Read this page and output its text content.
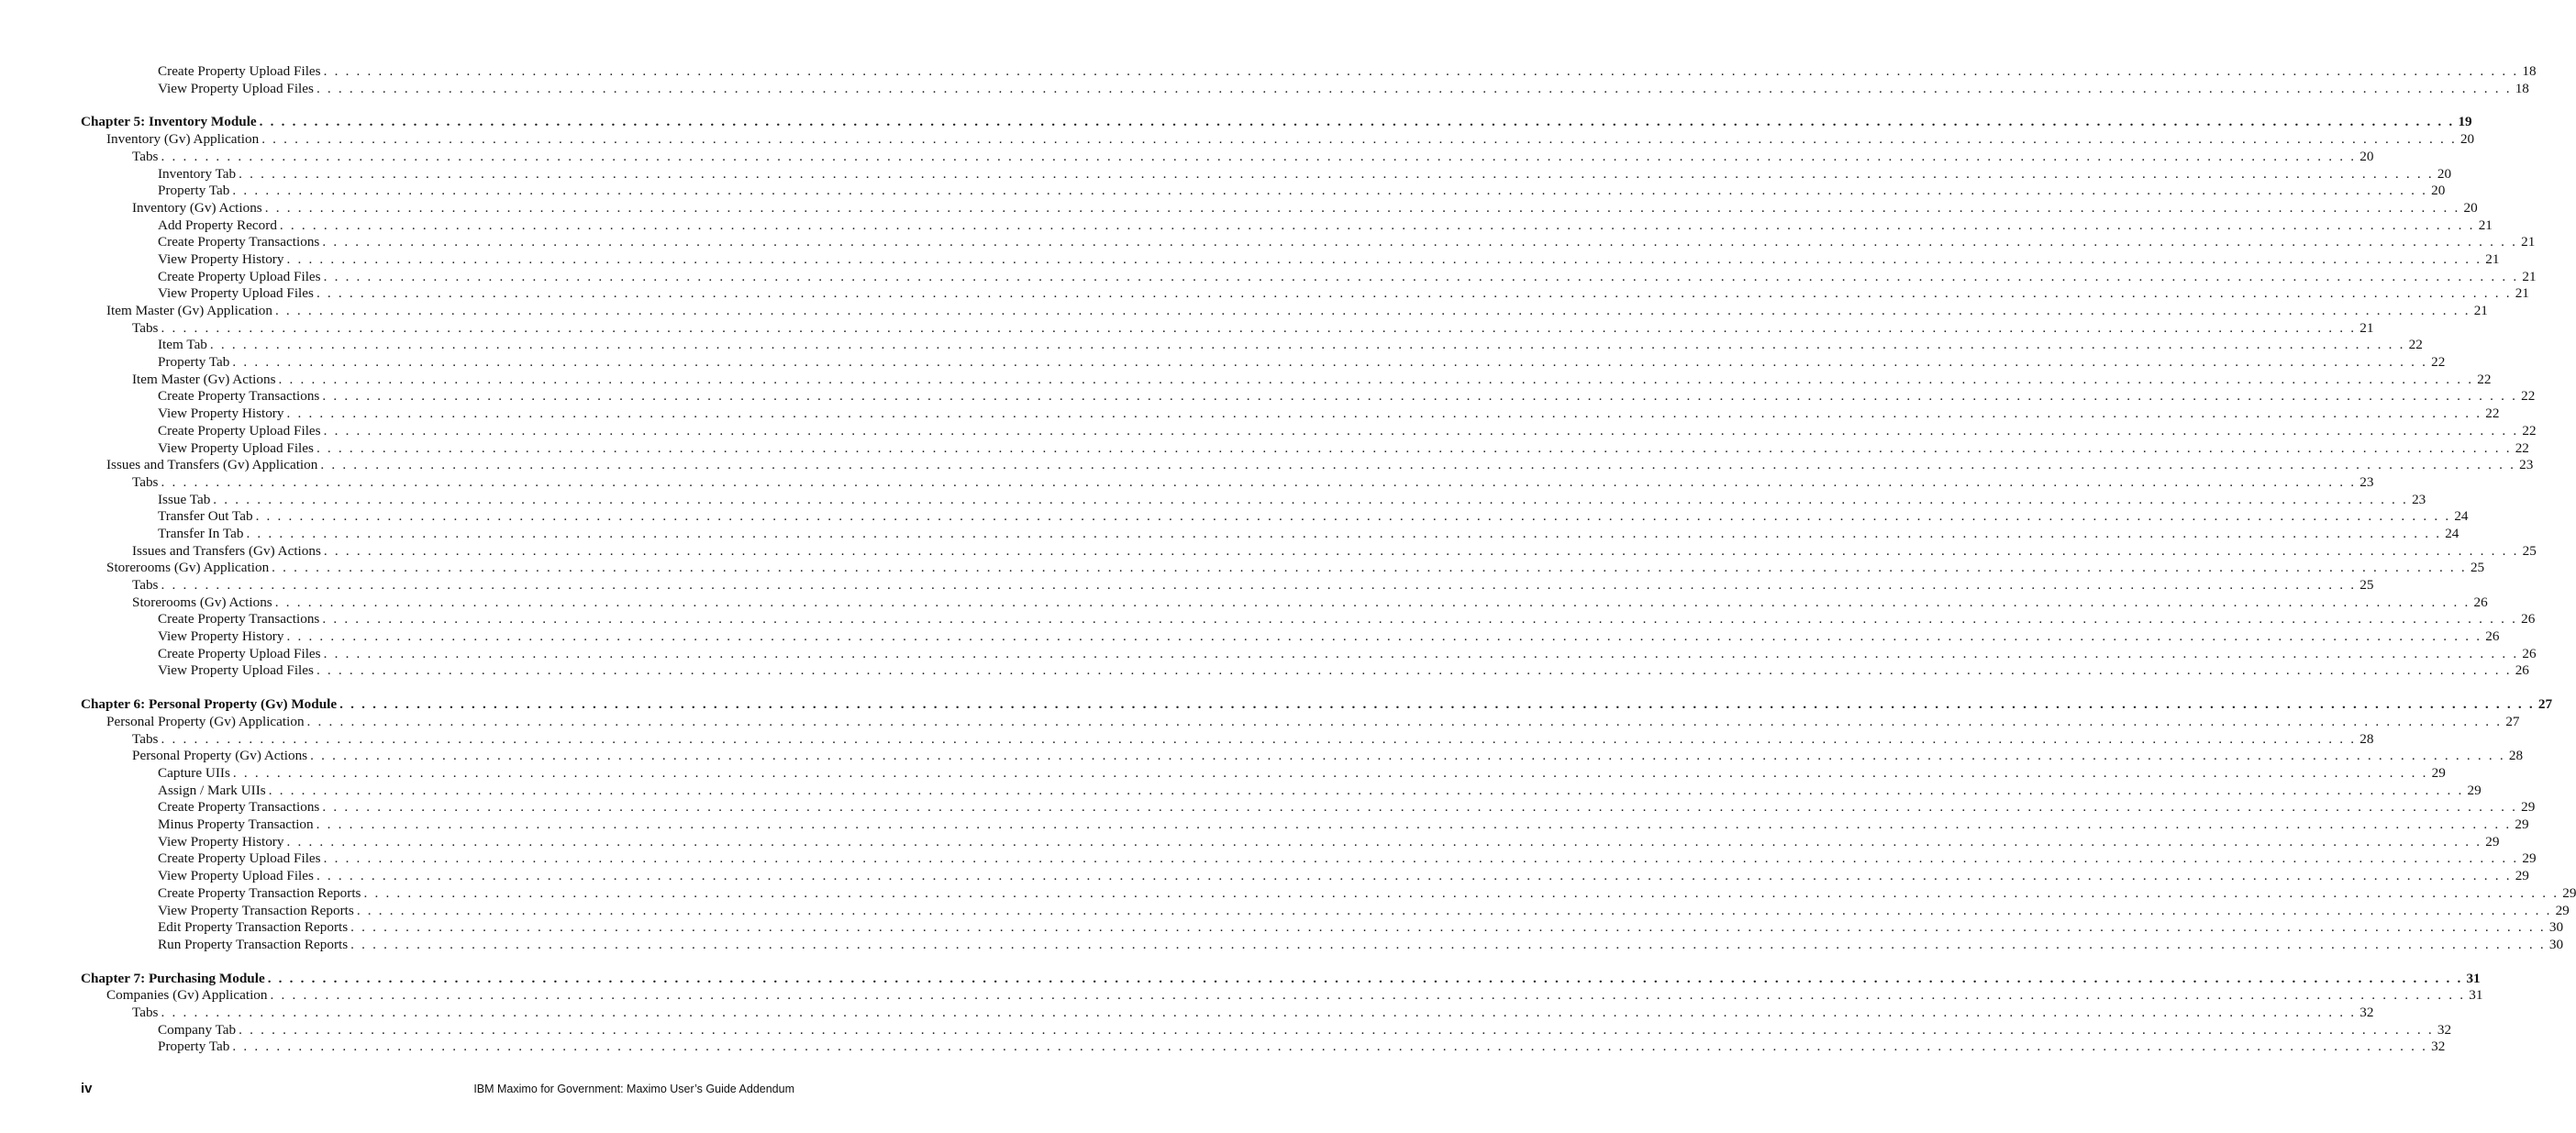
Create Property Upload Files . . . . . . . . . . . . . . . . . . . . . . . . . . . . . . . . . . . . . . . . . . . . . . . . . . . . . . . . . . . . . . . . . . . . . . . . . . . . . . . . . . . . . . . . . . . . . . . . . . . . . . . . . . . . . . . . . . . . . . . . . . . . . . . . . . . . . . . . . . . . . . . . . . . . . . . . . . . . . . . . . . . . . . . . . . . . . . . . . . . . . . . . . . . . . . . . . . . . . . . . 18
View Property Upload Files . . . . . . . . . . . . . . . . . . . . . . . . . . . . . . . . . . . . . . . . . . . . . . . . . . . . . . . . . . . . . . . . . . . . . . . . . . . . . . . . . . . . . . . . . . . . . . . . . . . . . . . . . . . . . . . . . . . . . . . . . . . . . . . . . . . . . . . . . . . . . . . . . . . . . . . . . . . . . . . . . . . . . . . . . . . . . . . . . . . . . . . . . . . . . . . . . . . . . . . . 18
Chapter 5: Inventory Module . . . . . . . . . . . . . . . . . . . . . . . . . . . . . . . . . . . . . . . . . . . . . . . . . . . . . . . . . . . . . . . . . . . . . . . . . . . . . . . . . . . . . . . . . . . . . . . . . . . . . . . . . . . . . . . . . . . . . . . . . . . . . . . . . . . . . . . . . . . . . . . . . . . . . . . . . . . . . . . . . . . . . . . . . . . . . . . . . . . . . . . . . . . . . . . . . . . . . . . . 19
Inventory (Gv) Application . . . . . . . . . . . . . . . . . . . . . . . . . . . . . . . . . . . . . . . . . . . . . . . . . . . . . . . . . . . . . . . . . . . . . . . . . . . . . . . . . . . . . . . . . . . . . . . . . . . . . . . . . . . . . . . . . . . . . . . . . . . . . . . . . . . . . . . . . . . . . . . . . . . . . . . . . . . . . . . . . . . . . . . . . . . . . . . . . . . . . . . . . . . . . . . . . . . . . . . . 20
Tabs . . . . . . . . . . . . . . . . . . . . . . . . . . . . . . . . . . . . . . . . . . . . . . . . . . . . . . . . . . . . . . . . . . . . . . . . . . . . . . . . . . . . . . . . . . . . . . . . . . . . . . . . . . . . . . . . . . . . . . . . . . . . . . . . . . . . . . . . . . . . . . . . . . . . . . . . . . . . . . . . . . . . . . . . . . . . . . . . . . . . . . . . . . . . . . . . . . . . . . . . 20
Inventory Tab . . . . . . . . . . . . . . . . . . . . . . . . . . . . . . . . . . . . . . . . . . . . . . . . . . . . . . . . . . . . . . . . . . . . . . . . . . . . . . . . . . . . . . . . . . . . . . . . . . . . . . . . . . . . . . . . . . . . . . . . . . . . . . . . . . . . . . . . . . . . . . . . . . . . . . . . . . . . . . . . . . . . . . . . . . . . . . . . . . . . . . . . . . . . . . . . . . . . . . . . 20
Property Tab . . . . . . . . . . . . . . . . . . . . . . . . . . . . . . . . . . . . . . . . . . . . . . . . . . . . . . . . . . . . . . . . . . . . . . . . . . . . . . . . . . . . . . . . . . . . . . . . . . . . . . . . . . . . . . . . . . . . . . . . . . . . . . . . . . . . . . . . . . . . . . . . . . . . . . . . . . . . . . . . . . . . . . . . . . . . . . . . . . . . . . . . . . . . . . . . . . . . . . . . 20
Inventory (Gv) Actions . . . . . . . . . . . . . . . . . . . . . . . . . . . . . . . . . . . . . . . . . . . . . . . . . . . . . . . . . . . . . . . . . . . . . . . . . . . . . . . . . . . . . . . . . . . . . . . . . . . . . . . . . . . . . . . . . . . . . . . . . . . . . . . . . . . . . . . . . . . . . . . . . . . . . . . . . . . . . . . . . . . . . . . . . . . . . . . . . . . . . . . . . . . . . . . . . . . . . . . . 20
Add Property Record . . . . . . . . . . . . . . . . . . . . . . . . . . . . . . . . . . . . . . . . . . . . . . . . . . . . . . . . . . . . . . . . . . . . . . . . . . . . . . . . . . . . . . . . . . . . . . . . . . . . . . . . . . . . . . . . . . . . . . . . . . . . . . . . . . . . . . . . . . . . . . . . . . . . . . . . . . . . . . . . . . . . . . . . . . . . . . . . . . . . . . . . . . . . . . . . . . . . . . . . 21
Create Property Transactions . . . . . . . . . . . . . . . . . . . . . . . . . . . . . . . . . . . . . . . . . . . . . . . . . . . . . . . . . . . . . . . . . . . . . . . . . . . . . . . . . . . . . . . . . . . . . . . . . . . . . . . . . . . . . . . . . . . . . . . . . . . . . . . . . . . . . . . . . . . . . . . . . . . . . . . . . . . . . . . . . . . . . . . . . . . . . . . . . . . . . . . . . . . . . . . . . . . . . . . . 21
View Property History . . . . . . . . . . . . . . . . . . . . . . . . . . . . . . . . . . . . . . . . . . . . . . . . . . . . . . . . . . . . . . . . . . . . . . . . . . . . . . . . . . . . . . . . . . . . . . . . . . . . . . . . . . . . . . . . . . . . . . . . . . . . . . . . . . . . . . . . . . . . . . . . . . . . . . . . . . . . . . . . . . . . . . . . . . . . . . . . . . . . . . . . . . . . . . . . . . . . . . . . 21
Create Property Upload Files . . . . . . . . . . . . . . . . . . . . . . . . . . . . . . . . . . . . . . . . . . . . . . . . . . . . . . . . . . . . . . . . . . . . . . . . . . . . . . . . . . . . . . . . . . . . . . . . . . . . . . . . . . . . . . . . . . . . . . . . . . . . . . . . . . . . . . . . . . . . . . . . . . . . . . . . . . . . . . . . . . . . . . . . . . . . . . . . . . . . . . . . . . . . . . . . . . . . . . . . 21
View Property Upload Files . . . . . . . . . . . . . . . . . . . . . . . . . . . . . . . . . . . . . . . . . . . . . . . . . . . . . . . . . . . . . . . . . . . . . . . . . . . . . . . . . . . . . . . . . . . . . . . . . . . . . . . . . . . . . . . . . . . . . . . . . . . . . . . . . . . . . . . . . . . . . . . . . . . . . . . . . . . . . . . . . . . . . . . . . . . . . . . . . . . . . . . . . . . . . . . . . . . . . . . . 21
Item Master (Gv) Application . . . . . . . . . . . . . . . . . . . . . . . . . . . . . . . . . . . . . . . . . . . . . . . . . . . . . . . . . . . . . . . . . . . . . . . . . . . . . . . . . . . . . . . . . . . . . . . . . . . . . . . . . . . . . . . . . . . . . . . . . . . . . . . . . . . . . . . . . . . . . . . . . . . . . . . . . . . . . . . . . . . . . . . . . . . . . . . . . . . . . . . . . . . . . . . . . . . . . . . . 21
Tabs . . . . . . . . . . . . . . . . . . . . . . . . . . . . . . . . . . . . . . . . . . . . . . . . . . . . . . . . . . . . . . . . . . . . . . . . . . . . . . . . . . . . . . . . . . . . . . . . . . . . . . . . . . . . . . . . . . . . . . . . . . . . . . . . . . . . . . . . . . . . . . . . . . . . . . . . . . . . . . . . . . . . . . . . . . . . . . . . . . . . . . . . . . . . . . . . . . . . . . . . 21
Item Tab . . . . . . . . . . . . . . . . . . . . . . . . . . . . . . . . . . . . . . . . . . . . . . . . . . . . . . . . . . . . . . . . . . . . . . . . . . . . . . . . . . . . . . . . . . . . . . . . . . . . . . . . . . . . . . . . . . . . . . . . . . . . . . . . . . . . . . . . . . . . . . . . . . . . . . . . . . . . . . . . . . . . . . . . . . . . . . . . . . . . . . . . . . . . . . . . . . . . . . . . 22
Property Tab . . . . . . . . . . . . . . . . . . . . . . . . . . . . . . . . . . . . . . . . . . . . . . . . . . . . . . . . . . . . . . . . . . . . . . . . . . . . . . . . . . . . . . . . . . . . . . . . . . . . . . . . . . . . . . . . . . . . . . . . . . . . . . . . . . . . . . . . . . . . . . . . . . . . . . . . . . . . . . . . . . . . . . . . . . . . . . . . . . . . . . . . . . . . . . . . . . . . . . . . 22
Item Master (Gv) Actions . . . . . . . . . . . . . . . . . . . . . . . . . . . . . . . . . . . . . . . . . . . . . . . . . . . . . . . . . . . . . . . . . . . . . . . . . . . . . . . . . . . . . . . . . . . . . . . . . . . . . . . . . . . . . . . . . . . . . . . . . . . . . . . . . . . . . . . . . . . . . . . . . . . . . . . . . . . . . . . . . . . . . . . . . . . . . . . . . . . . . . . . . . . . . . . . . . . . . . . . 22
Create Property Transactions . . . . . . . . . . . . . . . . . . . . . . . . . . . . . . . . . . . . . . . . . . . . . . . . . . . . . . . . . . . . . . . . . . . . . . . . . . . . . . . . . . . . . . . . . . . . . . . . . . . . . . . . . . . . . . . . . . . . . . . . . . . . . . . . . . . . . . . . . . . . . . . . . . . . . . . . . . . . . . . . . . . . . . . . . . . . . . . . . . . . . . . . . . . . . . . . . . . . . . . . 22
View Property History . . . . . . . . . . . . . . . . . . . . . . . . . . . . . . . . . . . . . . . . . . . . . . . . . . . . . . . . . . . . . . . . . . . . . . . . . . . . . . . . . . . . . . . . . . . . . . . . . . . . . . . . . . . . . . . . . . . . . . . . . . . . . . . . . . . . . . . . . . . . . . . . . . . . . . . . . . . . . . . . . . . . . . . . . . . . . . . . . . . . . . . . . . . . . . . . . . . . . . . . 22
Create Property Upload Files . . . . . . . . . . . . . . . . . . . . . . . . . . . . . . . . . . . . . . . . . . . . . . . . . . . . . . . . . . . . . . . . . . . . . . . . . . . . . . . . . . . . . . . . . . . . . . . . . . . . . . . . . . . . . . . . . . . . . . . . . . . . . . . . . . . . . . . . . . . . . . . . . . . . . . . . . . . . . . . . . . . . . . . . . . . . . . . . . . . . . . . . . . . . . . . . . . . . . . . . 22
View Property Upload Files . . . . . . . . . . . . . . . . . . . . . . . . . . . . . . . . . . . . . . . . . . . . . . . . . . . . . . . . . . . . . . . . . . . . . . . . . . . . . . . . . . . . . . . . . . . . . . . . . . . . . . . . . . . . . . . . . . . . . . . . . . . . . . . . . . . . . . . . . . . . . . . . . . . . . . . . . . . . . . . . . . . . . . . . . . . . . . . . . . . . . . . . . . . . . . . . . . . . . . . . 22
Issues and Transfers (Gv) Application . . . . . . . . . . . . . . . . . . . . . . . . . . . . . . . . . . . . . . . . . . . . . . . . . . . . . . . . . . . . . . . . . . . . . . . . . . . . . . . . . . . . . . . . . . . . . . . . . . . . . . . . . . . . . . . . . . . . . . . . . . . . . . . . . . . . . . . . . . . . . . . . . . . . . . . . . . . . . . . . . . . . . . . . . . . . . . . . . . . . . . . . . . . . . . . . . . . . . . . . 23
Tabs . . . . . . . . . . . . . . . . . . . . . . . . . . . . . . . . . . . . . . . . . . . . . . . . . . . . . . . . . . . . . . . . . . . . . . . . . . . . . . . . . . . . . . . . . . . . . . . . . . . . . . . . . . . . . . . . . . . . . . . . . . . . . . . . . . . . . . . . . . . . . . . . . . . . . . . . . . . . . . . . . . . . . . . . . . . . . . . . . . . . . . . . . . . . . . . . . . . . . . . . 23
Issue Tab . . . . . . . . . . . . . . . . . . . . . . . . . . . . . . . . . . . . . . . . . . . . . . . . . . . . . . . . . . . . . . . . . . . . . . . . . . . . . . . . . . . . . . . . . . . . . . . . . . . . . . . . . . . . . . . . . . . . . . . . . . . . . . . . . . . . . . . . . . . . . . . . . . . . . . . . . . . . . . . . . . . . . . . . . . . . . . . . . . . . . . . . . . . . . . . . . . . . . . . . 23
Transfer Out Tab . . . . . . . . . . . . . . . . . . . . . . . . . . . . . . . . . . . . . . . . . . . . . . . . . . . . . . . . . . . . . . . . . . . . . . . . . . . . . . . . . . . . . . . . . . . . . . . . . . . . . . . . . . . . . . . . . . . . . . . . . . . . . . . . . . . . . . . . . . . . . . . . . . . . . . . . . . . . . . . . . . . . . . . . . . . . . . . . . . . . . . . . . . . . . . . . . . . . . . . . 24
Transfer In Tab . . . . . . . . . . . . . . . . . . . . . . . . . . . . . . . . . . . . . . . . . . . . . . . . . . . . . . . . . . . . . . . . . . . . . . . . . . . . . . . . . . . . . . . . . . . . . . . . . . . . . . . . . . . . . . . . . . . . . . . . . . . . . . . . . . . . . . . . . . . . . . . . . . . . . . . . . . . . . . . . . . . . . . . . . . . . . . . . . . . . . . . . . . . . . . . . . . . . . . . . 24
Issues and Transfers (Gv) Actions . . . . . . . . . . . . . . . . . . . . . . . . . . . . . . . . . . . . . . . . . . . . . . . . . . . . . . . . . . . . . . . . . . . . . . . . . . . . . . . . . . . . . . . . . . . . . . . . . . . . . . . . . . . . . . . . . . . . . . . . . . . . . . . . . . . . . . . . . . . . . . . . . . . . . . . . . . . . . . . . . . . . . . . . . . . . . . . . . . . . . . . . . . . . . . . . . . . . . . . . 25
Storerooms (Gv) Application . . . . . . . . . . . . . . . . . . . . . . . . . . . . . . . . . . . . . . . . . . . . . . . . . . . . . . . . . . . . . . . . . . . . . . . . . . . . . . . . . . . . . . . . . . . . . . . . . . . . . . . . . . . . . . . . . . . . . . . . . . . . . . . . . . . . . . . . . . . . . . . . . . . . . . . . . . . . . . . . . . . . . . . . . . . . . . . . . . . . . . . . . . . . . . . . . . . . . . . . 25
Tabs . . . . . . . . . . . . . . . . . . . . . . . . . . . . . . . . . . . . . . . . . . . . . . . . . . . . . . . . . . . . . . . . . . . . . . . . . . . . . . . . . . . . . . . . . . . . . . . . . . . . . . . . . . . . . . . . . . . . . . . . . . . . . . . . . . . . . . . . . . . . . . . . . . . . . . . . . . . . . . . . . . . . . . . . . . . . . . . . . . . . . . . . . . . . . . . . . . . . . . . . 25
Storerooms (Gv) Actions . . . . . . . . . . . . . . . . . . . . . . . . . . . . . . . . . . . . . . . . . . . . . . . . . . . . . . . . . . . . . . . . . . . . . . . . . . . . . . . . . . . . . . . . . . . . . . . . . . . . . . . . . . . . . . . . . . . . . . . . . . . . . . . . . . . . . . . . . . . . . . . . . . . . . . . . . . . . . . . . . . . . . . . . . . . . . . . . . . . . . . . . . . . . . . . . . . . . . . . . 26
Create Property Transactions . . . . . . . . . . . . . . . . . . . . . . . . . . . . . . . . . . . . . . . . . . . . . . . . . . . . . . . . . . . . . . . . . . . . . . . . . . . . . . . . . . . . . . . . . . . . . . . . . . . . . . . . . . . . . . . . . . . . . . . . . . . . . . . . . . . . . . . . . . . . . . . . . . . . . . . . . . . . . . . . . . . . . . . . . . . . . . . . . . . . . . . . . . . . . . . . . . . . . . . . 26
View Property History . . . . . . . . . . . . . . . . . . . . . . . . . . . . . . . . . . . . . . . . . . . . . . . . . . . . . . . . . . . . . . . . . . . . . . . . . . . . . . . . . . . . . . . . . . . . . . . . . . . . . . . . . . . . . . . . . . . . . . . . . . . . . . . . . . . . . . . . . . . . . . . . . . . . . . . . . . . . . . . . . . . . . . . . . . . . . . . . . . . . . . . . . . . . . . . . . . . . . . . . 26
Create Property Upload Files . . . . . . . . . . . . . . . . . . . . . . . . . . . . . . . . . . . . . . . . . . . . . . . . . . . . . . . . . . . . . . . . . . . . . . . . . . . . . . . . . . . . . . . . . . . . . . . . . . . . . . . . . . . . . . . . . . . . . . . . . . . . . . . . . . . . . . . . . . . . . . . . . . . . . . . . . . . . . . . . . . . . . . . . . . . . . . . . . . . . . . . . . . . . . . . . . . . . . . . . 26
View Property Upload Files . . . . . . . . . . . . . . . . . . . . . . . . . . . . . . . . . . . . . . . . . . . . . . . . . . . . . . . . . . . . . . . . . . . . . . . . . . . . . . . . . . . . . . . . . . . . . . . . . . . . . . . . . . . . . . . . . . . . . . . . . . . . . . . . . . . . . . . . . . . . . . . . . . . . . . . . . . . . . . . . . . . . . . . . . . . . . . . . . . . . . . . . . . . . . . . . . . . . . . . . 26
Chapter 6: Personal Property (Gv) Module . . . . . . . . . . . . . . . . . . . . . . . . . . . . . . . . . . . . . . . . . . . . . . . . . . . . . . . . . . . . . . . . . . . . . . . . . . . . . . . . . . . . . . . . . . . . . . . . . . . . . . . . . . . . . . . . . . . . . . . . . . . . . . . . . . . . . . . . . . . . . . . . . . . . . . . . . . . . . . . . . . . . . . . . . . . . . . . . . . . . . . . . . . . . . . . . . . . . . . . . 27
Personal Property (Gv) Application . . . . . . . . . . . . . . . . . . . . . . . . . . . . . . . . . . . . . . . . . . . . . . . . . . . . . . . . . . . . . . . . . . . . . . . . . . . . . . . . . . . . . . . . . . . . . . . . . . . . . . . . . . . . . . . . . . . . . . . . . . . . . . . . . . . . . . . . . . . . . . . . . . . . . . . . . . . . . . . . . . . . . . . . . . . . . . . . . . . . . . . . . . . . . . . . . . . . . . . . 27
Tabs . . . . . . . . . . . . . . . . . . . . . . . . . . . . . . . . . . . . . . . . . . . . . . . . . . . . . . . . . . . . . . . . . . . . . . . . . . . . . . . . . . . . . . . . . . . . . . . . . . . . . . . . . . . . . . . . . . . . . . . . . . . . . . . . . . . . . . . . . . . . . . . . . . . . . . . . . . . . . . . . . . . . . . . . . . . . . . . . . . . . . . . . . . . . . . . . . . . . . . . . 28
Personal Property (Gv) Actions . . . . . . . . . . . . . . . . . . . . . . . . . . . . . . . . . . . . . . . . . . . . . . . . . . . . . . . . . . . . . . . . . . . . . . . . . . . . . . . . . . . . . . . . . . . . . . . . . . . . . . . . . . . . . . . . . . . . . . . . . . . . . . . . . . . . . . . . . . . . . . . . . . . . . . . . . . . . . . . . . . . . . . . . . . . . . . . . . . . . . . . . . . . . . . . . . . . . . . . . 28
Capture UIIs . . . . . . . . . . . . . . . . . . . . . . . . . . . . . . . . . . . . . . . . . . . . . . . . . . . . . . . . . . . . . . . . . . . . . . . . . . . . . . . . . . . . . . . . . . . . . . . . . . . . . . . . . . . . . . . . . . . . . . . . . . . . . . . . . . . . . . . . . . . . . . . . . . . . . . . . . . . . . . . . . . . . . . . . . . . . . . . . . . . . . . . . . . . . . . . . . . . . . . . . 29
Assign / Mark UIIs . . . . . . . . . . . . . . . . . . . . . . . . . . . . . . . . . . . . . . . . . . . . . . . . . . . . . . . . . . . . . . . . . . . . . . . . . . . . . . . . . . . . . . . . . . . . . . . . . . . . . . . . . . . . . . . . . . . . . . . . . . . . . . . . . . . . . . . . . . . . . . . . . . . . . . . . . . . . . . . . . . . . . . . . . . . . . . . . . . . . . . . . . . . . . . . . . . . . . . . . 29
Create Property Transactions . . . . . . . . . . . . . . . . . . . . . . . . . . . . . . . . . . . . . . . . . . . . . . . . . . . . . . . . . . . . . . . . . . . . . . . . . . . . . . . . . . . . . . . . . . . . . . . . . . . . . . . . . . . . . . . . . . . . . . . . . . . . . . . . . . . . . . . . . . . . . . . . . . . . . . . . . . . . . . . . . . . . . . . . . . . . . . . . . . . . . . . . . . . . . . . . . . . . . . . . 29
Minus Property Transaction . . . . . . . . . . . . . . . . . . . . . . . . . . . . . . . . . . . . . . . . . . . . . . . . . . . . . . . . . . . . . . . . . . . . . . . . . . . . . . . . . . . . . . . . . . . . . . . . . . . . . . . . . . . . . . . . . . . . . . . . . . . . . . . . . . . . . . . . . . . . . . . . . . . . . . . . . . . . . . . . . . . . . . . . . . . . . . . . . . . . . . . . . . . . . . . . . . . . . . . . 29
View Property History . . . . . . . . . . . . . . . . . . . . . . . . . . . . . . . . . . . . . . . . . . . . . . . . . . . . . . . . . . . . . . . . . . . . . . . . . . . . . . . . . . . . . . . . . . . . . . . . . . . . . . . . . . . . . . . . . . . . . . . . . . . . . . . . . . . . . . . . . . . . . . . . . . . . . . . . . . . . . . . . . . . . . . . . . . . . . . . . . . . . . . . . . . . . . . . . . . . . . . . . 29
Create Property Upload Files . . . . . . . . . . . . . . . . . . . . . . . . . . . . . . . . . . . . . . . . . . . . . . . . . . . . . . . . . . . . . . . . . . . . . . . . . . . . . . . . . . . . . . . . . . . . . . . . . . . . . . . . . . . . . . . . . . . . . . . . . . . . . . . . . . . . . . . . . . . . . . . . . . . . . . . . . . . . . . . . . . . . . . . . . . . . . . . . . . . . . . . . . . . . . . . . . . . . . . . . 29
View Property Upload Files . . . . . . . . . . . . . . . . . . . . . . . . . . . . . . . . . . . . . . . . . . . . . . . . . . . . . . . . . . . . . . . . . . . . . . . . . . . . . . . . . . . . . . . . . . . . . . . . . . . . . . . . . . . . . . . . . . . . . . . . . . . . . . . . . . . . . . . . . . . . . . . . . . . . . . . . . . . . . . . . . . . . . . . . . . . . . . . . . . . . . . . . . . . . . . . . . . . . . . . . 29
Create Property Transaction Reports . . . . . . . . . . . . . . . . . . . . . . . . . . . . . . . . . . . . . . . . . . . . . . . . . . . . . . . . . . . . . . . . . . . . . . . . . . . . . . . . . . . . . . . . . . . . . . . . . . . . . . . . . . . . . . . . . . . . . . . . . . . . . . . . . . . . . . . . . . . . . . . . . . . . . . . . . . . . . . . . . . . . . . . . . . . . . . . . . . . . . . . . . . . . . . . . . . . . . . . . 29
View Property Transaction Reports . . . . . . . . . . . . . . . . . . . . . . . . . . . . . . . . . . . . . . . . . . . . . . . . . . . . . . . . . . . . . . . . . . . . . . . . . . . . . . . . . . . . . . . . . . . . . . . . . . . . . . . . . . . . . . . . . . . . . . . . . . . . . . . . . . . . . . . . . . . . . . . . . . . . . . . . . . . . . . . . . . . . . . . . . . . . . . . . . . . . . . . . . . . . . . . . . . . . . . . . 29
Edit Property Transaction Reports . . . . . . . . . . . . . . . . . . . . . . . . . . . . . . . . . . . . . . . . . . . . . . . . . . . . . . . . . . . . . . . . . . . . . . . . . . . . . . . . . . . . . . . . . . . . . . . . . . . . . . . . . . . . . . . . . . . . . . . . . . . . . . . . . . . . . . . . . . . . . . . . . . . . . . . . . . . . . . . . . . . . . . . . . . . . . . . . . . . . . . . . . . . . . . . . . . . . . . . . 30
Run Property Transaction Reports . . . . . . . . . . . . . . . . . . . . . . . . . . . . . . . . . . . . . . . . . . . . . . . . . . . . . . . . . . . . . . . . . . . . . . . . . . . . . . . . . . . . . . . . . . . . . . . . . . . . . . . . . . . . . . . . . . . . . . . . . . . . . . . . . . . . . . . . . . . . . . . . . . . . . . . . . . . . . . . . . . . . . . . . . . . . . . . . . . . . . . . . . . . . . . . . . . . . . . . . 30
Chapter 7: Purchasing Module . . . . . . . . . . . . . . . . . . . . . . . . . . . . . . . . . . . . . . . . . . . . . . . . . . . . . . . . . . . . . . . . . . . . . . . . . . . . . . . . . . . . . . . . . . . . . . . . . . . . . . . . . . . . . . . . . . . . . . . . . . . . . . . . . . . . . . . . . . . . . . . . . . . . . . . . . . . . . . . . . . . . . . . . . . . . . . . . . . . . . . . . . . . . . . . . . . . . . . . . 31
Companies (Gv) Application . . . . . . . . . . . . . . . . . . . . . . . . . . . . . . . . . . . . . . . . . . . . . . . . . . . . . . . . . . . . . . . . . . . . . . . . . . . . . . . . . . . . . . . . . . . . . . . . . . . . . . . . . . . . . . . . . . . . . . . . . . . . . . . . . . . . . . . . . . . . . . . . . . . . . . . . . . . . . . . . . . . . . . . . . . . . . . . . . . . . . . . . . . . . . . . . . . . . . . . . 31
Tabs . . . . . . . . . . . . . . . . . . . . . . . . . . . . . . . . . . . . . . . . . . . . . . . . . . . . . . . . . . . . . . . . . . . . . . . . . . . . . . . . . . . . . . . . . . . . . . . . . . . . . . . . . . . . . . . . . . . . . . . . . . . . . . . . . . . . . . . . . . . . . . . . . . . . . . . . . . . . . . . . . . . . . . . . . . . . . . . . . . . . . . . . . . . . . . . . . . . . . . . . 32
Company Tab . . . . . . . . . . . . . . . . . . . . . . . . . . . . . . . . . . . . . . . . . . . . . . . . . . . . . . . . . . . . . . . . . . . . . . . . . . . . . . . . . . . . . . . . . . . . . . . . . . . . . . . . . . . . . . . . . . . . . . . . . . . . . . . . . . . . . . . . . . . . . . . . . . . . . . . . . . . . . . . . . . . . . . . . . . . . . . . . . . . . . . . . . . . . . . . . . . . . . . . . 32
Property Tab . . . . . . . . . . . . . . . . . . . . . . . . . . . . . . . . . . . . . . . . . . . . . . . . . . . . . . . . . . . . . . . . . . . . . . . . . . . . . . . . . . . . . . . . . . . . . . . . . . . . . . . . . . . . . . . . . . . . . . . . . . . . . . . . . . . . . . . . . . . . . . . . . . . . . . . . . . . . . . . . . . . . . . . . . . . . . . . . . . . . . . . . . . . . . . . . . . . . . . . . 32
iv	IBM Maximo for Government: Maximo User’s Guide Addendum
